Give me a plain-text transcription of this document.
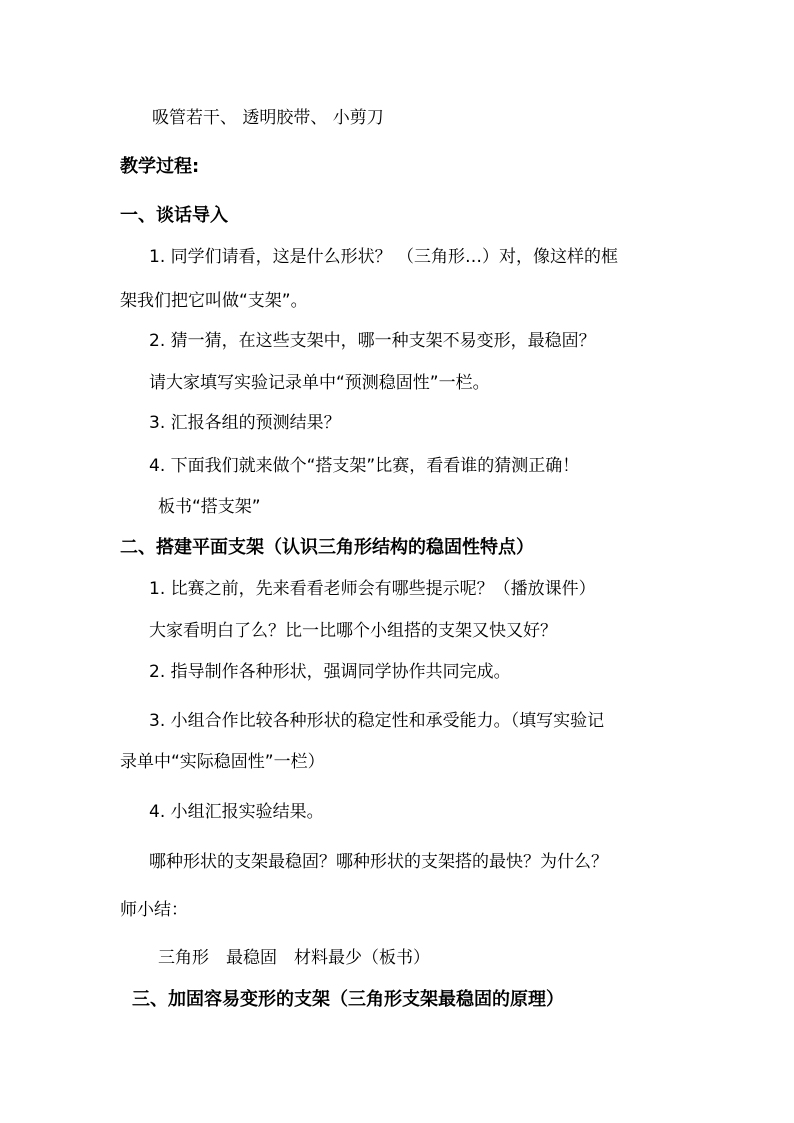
吸管若干、 透明胶带、 小剪刀
教学过程:
一、谈话导入
1. 同学们请看，这是什么形状？ （三角形…）对，像这样的框
架我们把它叫做“支架”。
2. 猜一猜，在这些支架中，哪一种支架不易变形，最稳固？
请大家填写实验记录单中“预测稳固性”一栏。
3. 汇报各组的预测结果？
4. 下面我们就来做个“搭支架”比赛，看看谁的猜测正确！
板书“搭支架”
二、搭建平面支架（认识三角形结构的稳固性特点）
1. 比赛之前，先来看看老师会有哪些提示呢？（播放课件）
大家看明白了么？比一比哪个小组搭的支架又快又好？
2. 指导制作各种形状，强调同学协作共同完成。
3. 小组合作比较各种形状的稳定性和承受能力。（填写实验记
录单中“实际稳固性”一栏）
4. 小组汇报实验结果。
哪种形状的支架最稳固？哪种形状的支架搭的最快？为什么？
师小结：
三角形　最稳固　材料最少（板书）
三、加固容易变形的支架（三角形支架最稳固的原理）
